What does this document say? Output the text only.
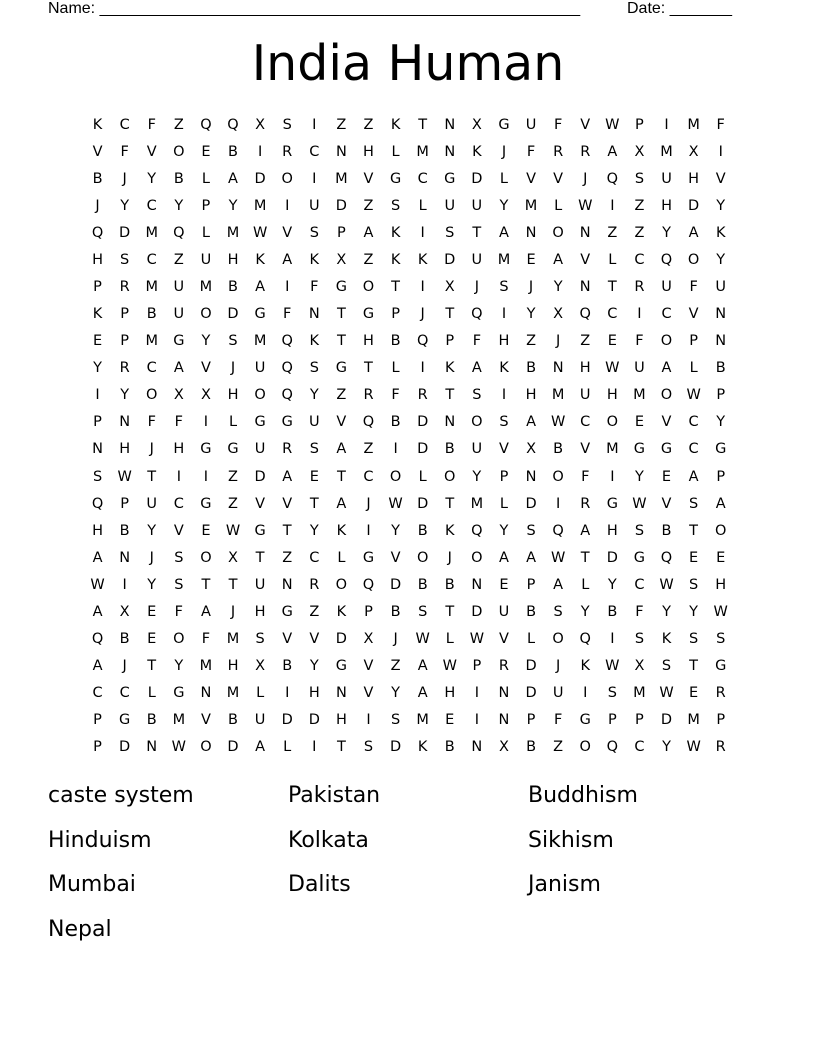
Name: ______________________________________________________	Date: _______
India Human
K	C	F	Z	Q	Q	X	S	I	Z	Z	K	T	N	X	G	U	F	V	W	P	I	M	F
V	F	V	O	E	B	I	R	C	N	H	L	M	N	K	J	F	R	R	A	X	M	X	I
B	J	Y	B	L	A	D	O	I	M	V	G	C	G	D	L	V	V	J	Q	S	U	H	V
J	Y	C	Y	P	Y	M	I	U	D	Z	S	L	U	U	Y	M	L	W	I	Z	H	D	Y
Q	D	M	Q	L	M W	V	S	P	A	K	I	S	T	A	N	O	N	Z	Z	Y	A	K
H	S	C	Z	U	H	K	A	K	X	Z	K	K	D	U	M	E	A	V	L	C	Q	O	Y
P	R	M	U	M	B	A	I	F	G	O	T	I	X	J	S	J	Y	N	T	R	U	F	U
K	P	B	U	O	D	G	F	N	T	G	P	J	T	Q	I	Y	X	Q	C	I	C	V	N
E	P	M	G	Y	S	M	Q	K	T	H	B	Q	P	F	H	Z	J	Z	E	F	O	P	N
Y	R	C	A	V	J	U	Q	S	G	T	L	I	K	A	K	B	N	H W	U	A	L	B
I	Y	O	X	X	H	O	Q	Y	Z	R	F	R	T	S	I	H	M	U	H	M	O W	P
P	N	F	F	I	L	G	G	U	V	Q	B	D	N	O	S	A	W	C	O	E	V	C	Y
N	H	J	H	G	G	U	R	S	A	Z	I	D	B	U	V	X	B	V	M	G	G	C	G
S	W	T	I	I	Z	D	A	E	T	C	O	L	O	Y	P	N	O	F	I	Y	E	A	P
Q	P	U	C	G	Z	V	V	T	A	J	W D	T	M	L	D	I	R	G W	V	S	A
H	B	Y	V	E	W G	T	Y	K	I	Y	B	K	Q	Y	S	Q	A	H	S	B	T	O
A	N	J	S	O	X	T	Z	C	L	G	V	O	J	O	A	A	W	T	D	G	Q	E	E
W	I	Y	S	T	T	U	N	R	O	Q	D	B	B	N	E	P	A	L	Y	C	W	S	H
A	X	E	F	A	J	H	G	Z	K	P	B	S	T	D	U	B	S	Y	B	F	Y	Y	W
Q	B	E	O	F	M	S	V	V	D	X	J	W	L	W	V	L	O	Q	I	S	K	S	S
A	J	T	Y	M	H	X	B	Y	G	V	Z	A	W	P	R	D	J	K	W	X	S	T	G
C	C	L	G	N	M	L	I	H	N	V	Y	A	H	I	N	D	U	I	S	M W	E	R
P	G	B	M	V	B	U	D	D	H	I	S	M	E	I	N	P	F	G	P	P	D	M	P
P	D	N	W O	D	A	L	I	T	S	D	K	B	N	X	B	Z	O	Q	C	Y	W	R
caste system	Pakistan	Buddhism
Hinduism	Kolkata	Sikhism
Mumbai	Dalits	Janism
Nepal
